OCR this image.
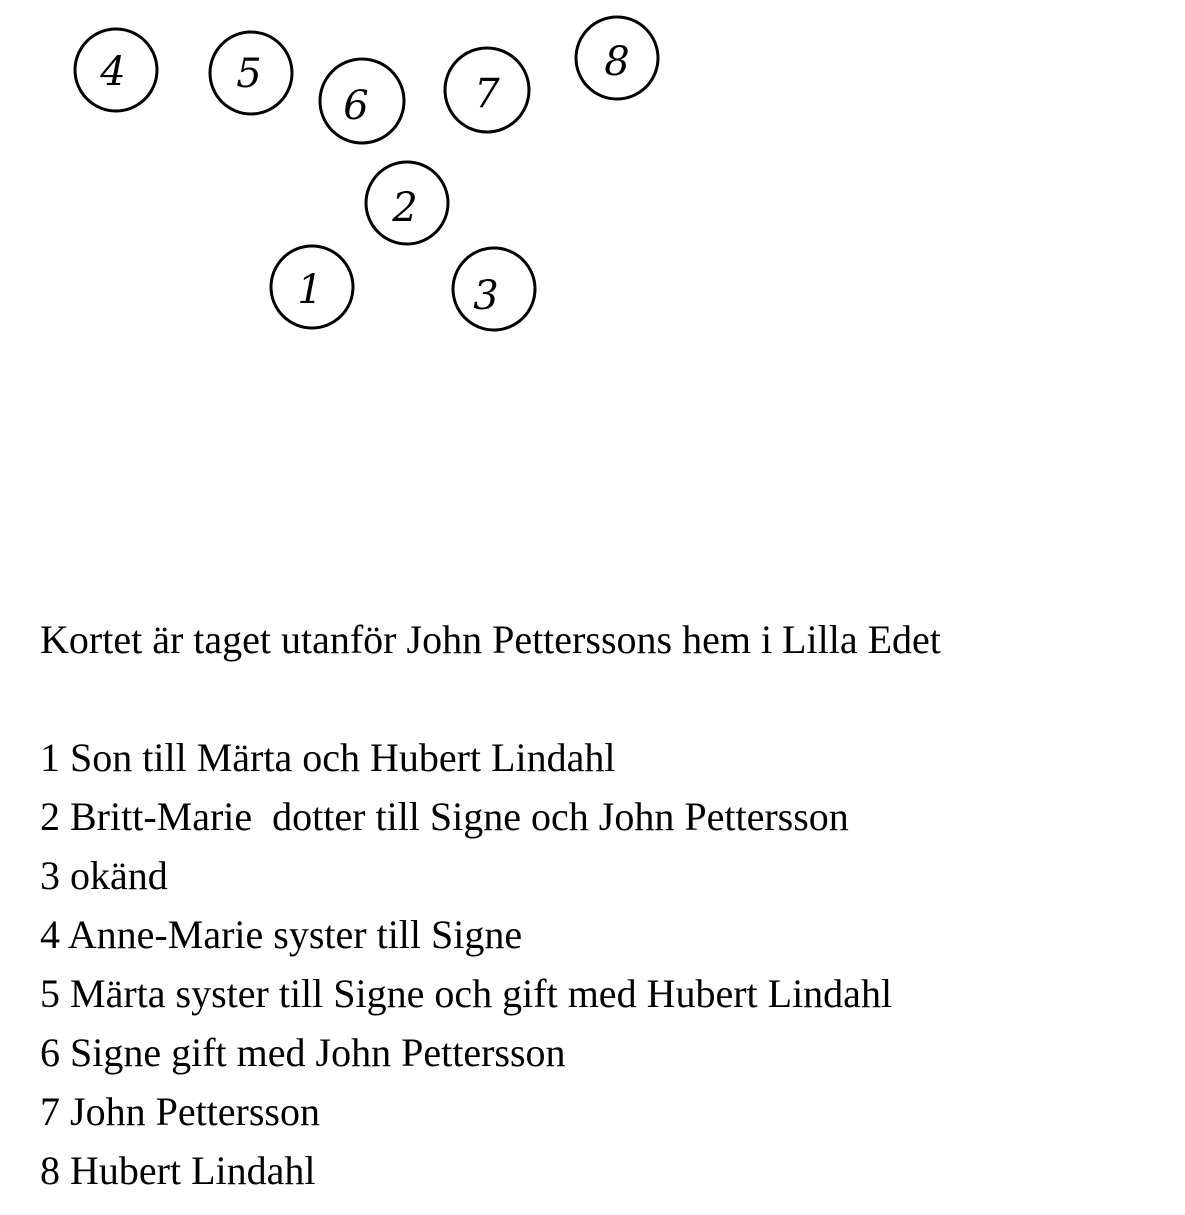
4	5
6	7
8
2
1	3

Kortet är taget utanför John Petterssons hem i Lilla Edet

1 Son till Märta och Hubert Lindahl
2 Britt-Marie  dotter till Signe och John Pettersson
3 okänd
4 Anne-Marie syster till Signe
5 Märta syster till Signe och gift med Hubert Lindahl
6 Signe gift med John Pettersson
7 John Pettersson
8 Hubert Lindahl
